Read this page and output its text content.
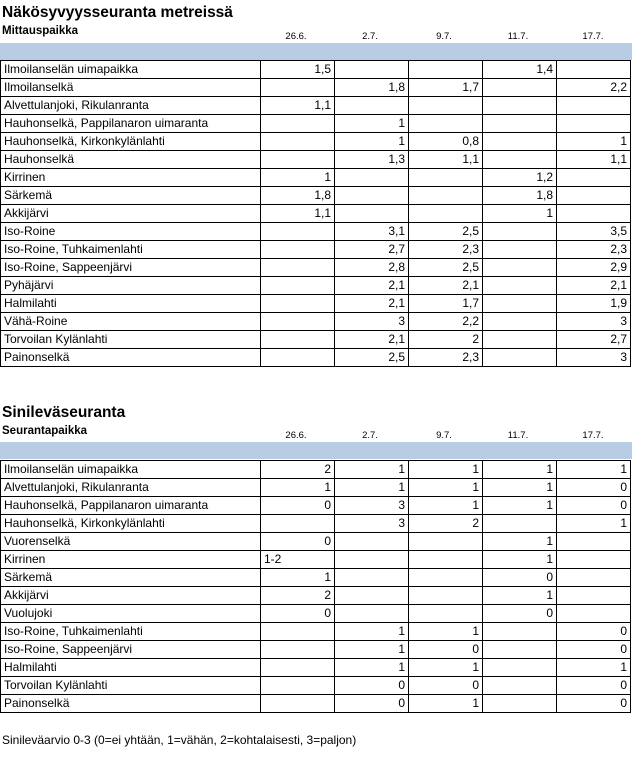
Näkösyvyysseuranta metreissä
Mittauspaikka	26.6.	2.7.	9.7.	11.7.	17.7.
Ilmoilanselän uimapaikka	1,5			1,4	
Ilmoilanselkä		1,8	1,7		2,2
Alvettulanjoki, Rikulanranta	1,1				
Hauhonselkä, Pappilanaron uimaranta		1			
Hauhonselkä, Kirkonkylänlahti		1	0,8		1
Hauhonselkä		1,3	1,1		1,1
Kirrinen	1			1,2	
Särkemä	1,8			1,8	
Akkijärvi	1,1			1	
Iso-Roine		3,1	2,5		3,5
Iso-Roine, Tuhkaimenlahti		2,7	2,3		2,3
Iso-Roine, Sappeenjärvi		2,8	2,5		2,9
Pyhäjärvi		2,1	2,1		2,1
Halmilahti		2,1	1,7		1,9
Vähä-Roine		3	2,2		3
Torvoilan Kylänlahti		2,1	2		2,7
Painonselkä		2,5	2,3		3
Sinileväseuranta
Seurantapaikka	26.6.	2.7.	9.7.	11.7.	17.7.
Ilmoilanselän uimapaikka	2	1	1	1	1
Alvettulanjoki, Rikulanranta	1	1	1	1	0
Hauhonselkä, Pappilanaron uimaranta	0	3	1	1	0
Hauhonselkä, Kirkonkylänlahti		3	2		1
Vuorenselkä	0			1	
Kirrinen	1-2			1	
Särkemä	1			0	
Akkijärvi	2			1	
Vuolujoki	0			0	
Iso-Roine, Tuhkaimenlahti		1	1		0
Iso-Roine, Sappeenjärvi		1	0		0
Halmilahti		1	1		1
Torvoilan Kylänlahti		0	0		0
Painonselkä		0	1		0
Sinileväarvio 0-3 (0=ei yhtään, 1=vähän, 2=kohtalaisesti, 3=paljon)
